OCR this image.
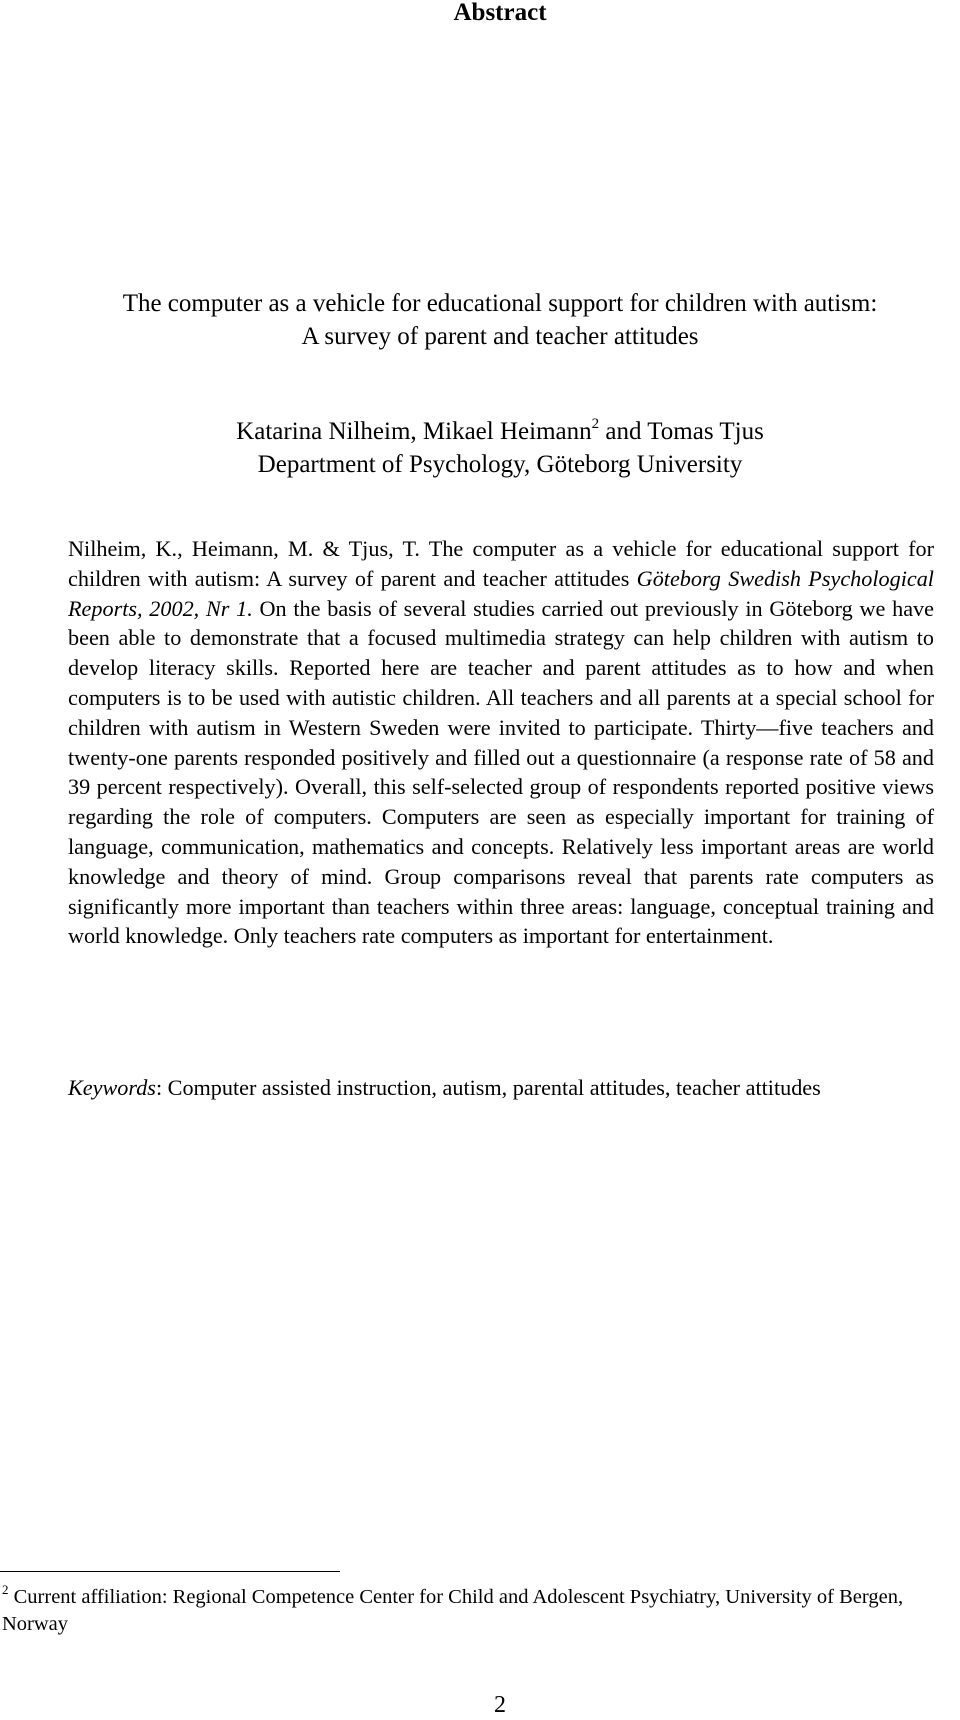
Abstract
The computer as a vehicle for educational support for children with autism:
A survey of parent and teacher attitudes
Katarina Nilheim, Mikael Heimann$^2$ and Tomas Tjus
Department of Psychology, Göteborg University
Nilheim, K., Heimann, M. & Tjus, T. The computer as a vehicle for educational support for children with autism: A survey of parent and teacher attitudes Göteborg Swedish Psychological Reports, 2002, Nr 1. On the basis of several studies carried out previously in Göteborg we have been able to demonstrate that a focused multimedia strategy can help children with autism to develop literacy skills. Reported here are teacher and parent attitudes as to how and when computers is to be used with autistic children. All teachers and all parents at a special school for children with autism in Western Sweden were invited to participate. Thirty—five teachers and twenty-one parents responded positively and filled out a questionnaire (a response rate of 58 and 39 percent respectively). Overall, this self-selected group of respondents reported positive views regarding the role of computers. Computers are seen as especially important for training of language, communication, mathematics and concepts. Relatively less important areas are world knowledge and theory of mind. Group comparisons reveal that parents rate computers as significantly more important than teachers within three areas: language, conceptual training and world knowledge. Only teachers rate computers as important for entertainment.
Keywords: Computer assisted instruction, autism, parental attitudes, teacher attitudes
$^2$ Current affiliation: Regional Competence Center for Child and Adolescent Psychiatry, University of Bergen, Norway
2
